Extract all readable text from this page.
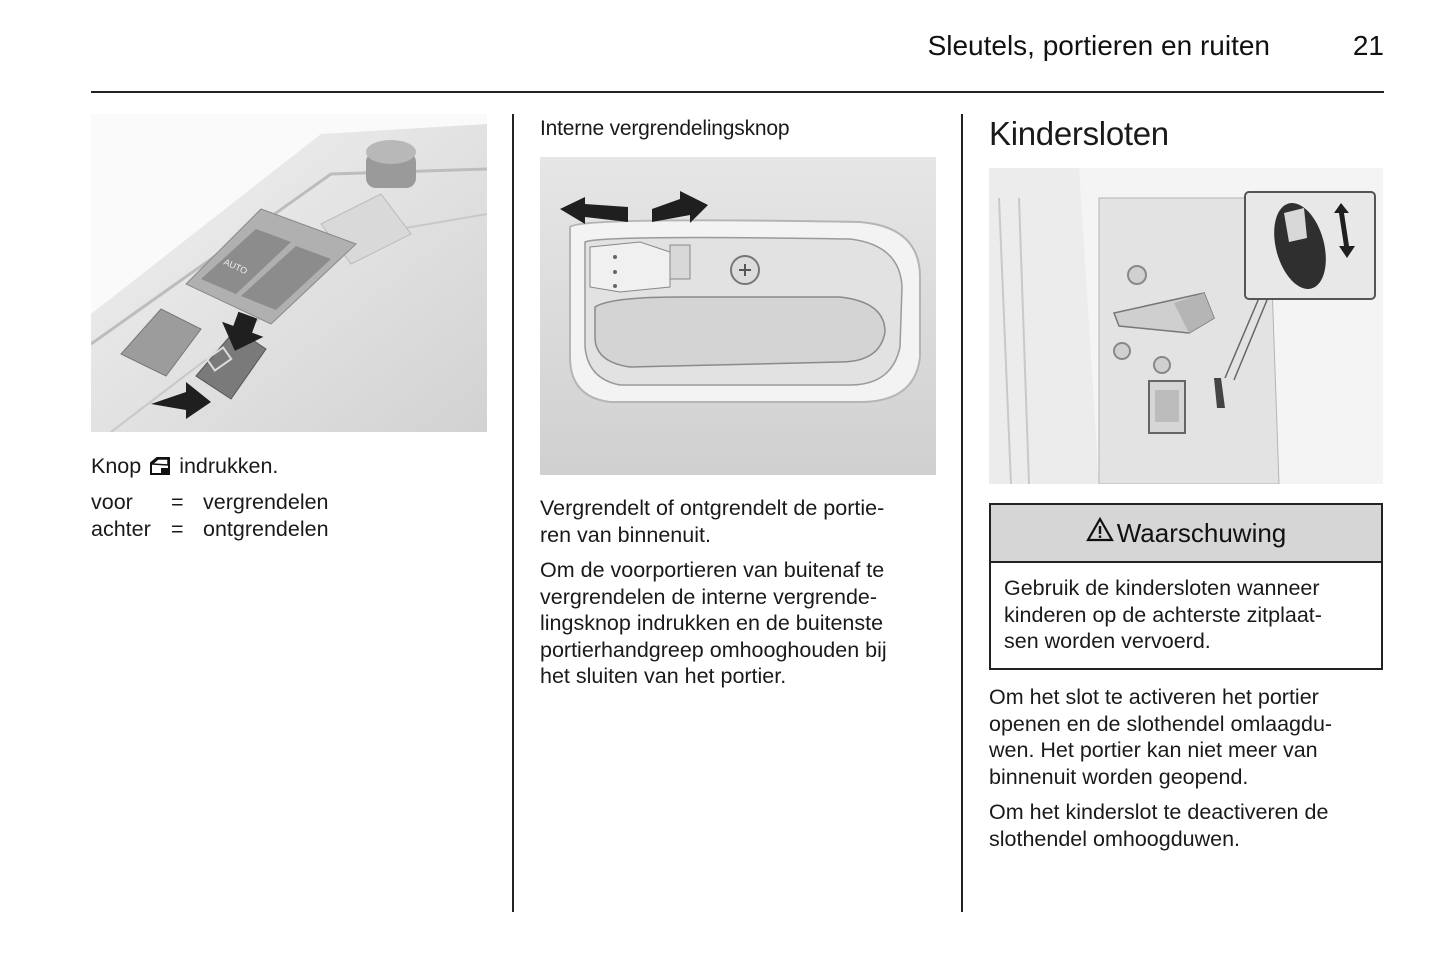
Sleutels, portieren en ruiten	21
AUTO
Knop indrukken.
voor	= vergrendelen
achter = ontgrendelen
Interne vergrendelingsknop

Vergrendelt of ontgrendelt de portie-
ren van binnenuit.

Om de voorportieren van buitenaf te
vergrendelen de interne vergrende-
lingsknop indrukken en de buitenste
portierhandgreep omhooghouden bij
het sluiten van het portier.

Kindersloten
Waarschuwing
Gebruik de kindersloten wanneer
kinderen op de achterste zitplaat-
sen worden vervoerd.

Om het slot te activeren het portier
openen en de slothendel omlaagdu-
wen. Het portier kan niet meer van
binnenuit worden geopend.

Om het kinderslot te deactiveren de
slothendel omhoogduwen.
